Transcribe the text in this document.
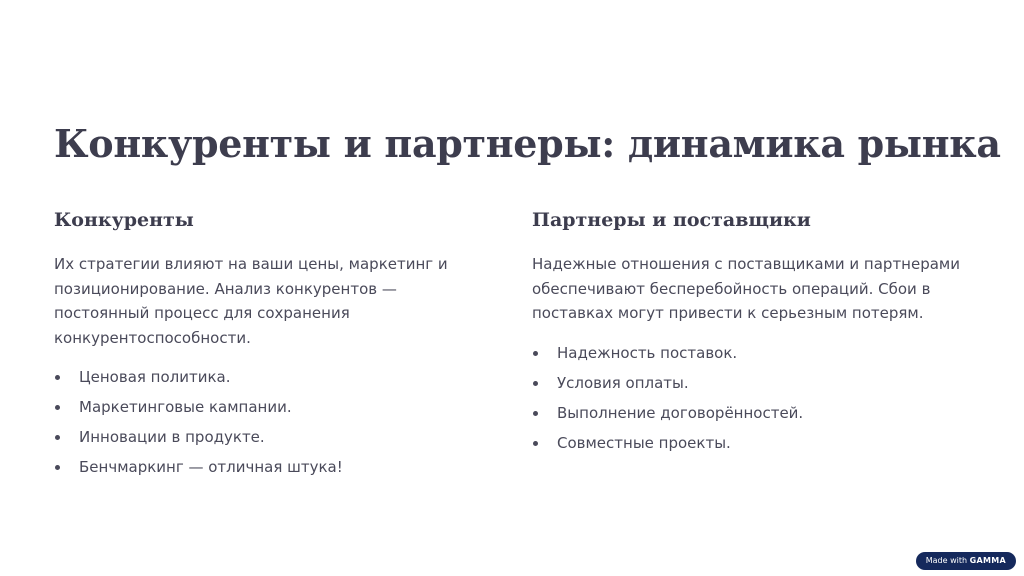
Конкуренты и партнеры: динамика рынка
Конкуренты

Их стратегии влияют на ваши цены, маркетинг и позиционирование. Анализ конкурентов — постоянный процесс для сохранения конкурентоспособности.

Ценовая политика.
Маркетинговые кампании.
Инновации в продукте.
Бенчмаркинг — отличная штука!
Партнеры и поставщики

Надежные отношения с поставщиками и партнерами обеспечивают бесперебойность операций. Сбои в поставках могут привести к серьезным потерям.

Надежность поставок.
Условия оплаты.
Выполнение договорённостей.
Совместные проекты.
Made with GAMMA
